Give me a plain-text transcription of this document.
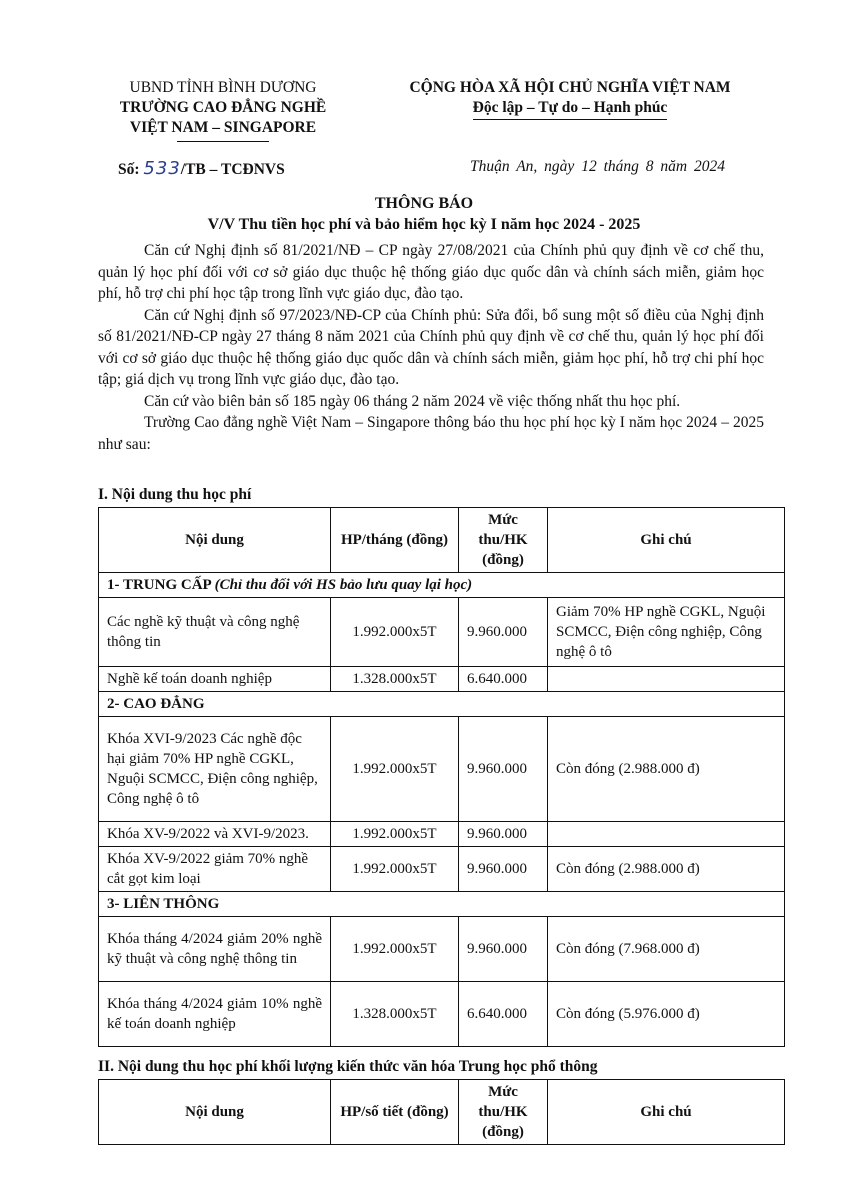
UBND TỈNH BÌNH DƯƠNG
TRƯỜNG CAO ĐẲNG NGHỀ
VIỆT NAM – SINGAPORE
CỘNG HÒA XÃ HỘI CHỦ NGHĨA VIỆT NAM
Độc lập – Tự do – Hạnh phúc
Số: 533/TB – TCĐNVS	Thuận An, ngày 12 tháng 8 năm 2024
THÔNG BÁO
V/V Thu tiền học phí và bảo hiểm học kỳ I năm học 2024 - 2025

Căn cứ Nghị định số 81/2021/NĐ – CP ngày 27/08/2021 của Chính phủ quy định về cơ chế thu, quản lý học phí đối với cơ sở giáo dục thuộc hệ thống giáo dục quốc dân và chính sách miễn, giảm học phí, hỗ trợ chi phí học tập trong lĩnh vực giáo dục, đào tạo.

Căn cứ Nghị định số 97/2023/NĐ-CP của Chính phủ: Sửa đổi, bổ sung một số điều của Nghị định số 81/2021/NĐ-CP ngày 27 tháng 8 năm 2021 của Chính phủ quy định về cơ chế thu, quản lý học phí đối với cơ sở giáo dục thuộc hệ thống giáo dục quốc dân và chính sách miễn, giảm học phí, hỗ trợ chi phí học tập; giá dịch vụ trong lĩnh vực giáo dục, đào tạo.

Căn cứ vào biên bản số 185 ngày 06 tháng 2 năm 2024 về việc thống nhất thu học phí.

Trường Cao đẳng nghề Việt Nam – Singapore thông báo thu học phí học kỳ I năm học 2024 – 2025 như sau:

I. Nội dung thu học phí
Nội dung	HP/tháng (đồng)	Mức thu/HK (đồng)	Ghi chú
1- TRUNG CẤP (Chỉ thu đối với HS bảo lưu quay lại học)			
Các nghề kỹ thuật và công nghệ thông tin	1.992.000x5T	9.960.000	Giảm 70% HP nghề CGKL, Nguội SCMCC, Điện công nghiệp, Công nghệ ô tô
Nghề kế toán doanh nghiệp	1.328.000x5T	6.640.000	
2- CAO ĐẲNG			
Khóa XVI-9/2023 Các nghề độc hại giảm 70% HP nghề CGKL, Nguội SCMCC, Điện công nghiệp, Công nghệ ô tô	1.992.000x5T	9.960.000	Còn đóng (2.988.000 đ)
Khóa XV-9/2022 và XVI-9/2023.	1.992.000x5T	9.960.000	
Khóa XV-9/2022 giảm 70% nghề cắt gọt kim loại	1.992.000x5T	9.960.000	Còn đóng (2.988.000 đ)
3- LIÊN THÔNG			
Khóa tháng 4/2024 giảm 20% nghề kỹ thuật và công nghệ thông tin	1.992.000x5T	9.960.000	Còn đóng (7.968.000 đ)
Khóa tháng 4/2024 giảm 10% nghề kế toán doanh nghiệp	1.328.000x5T	6.640.000	Còn đóng (5.976.000 đ)
II. Nội dung thu học phí khối lượng kiến thức văn hóa Trung học phổ thông
Nội dung	HP/số tiết (đồng)	Mức thu/HK (đồng)	Ghi chú
